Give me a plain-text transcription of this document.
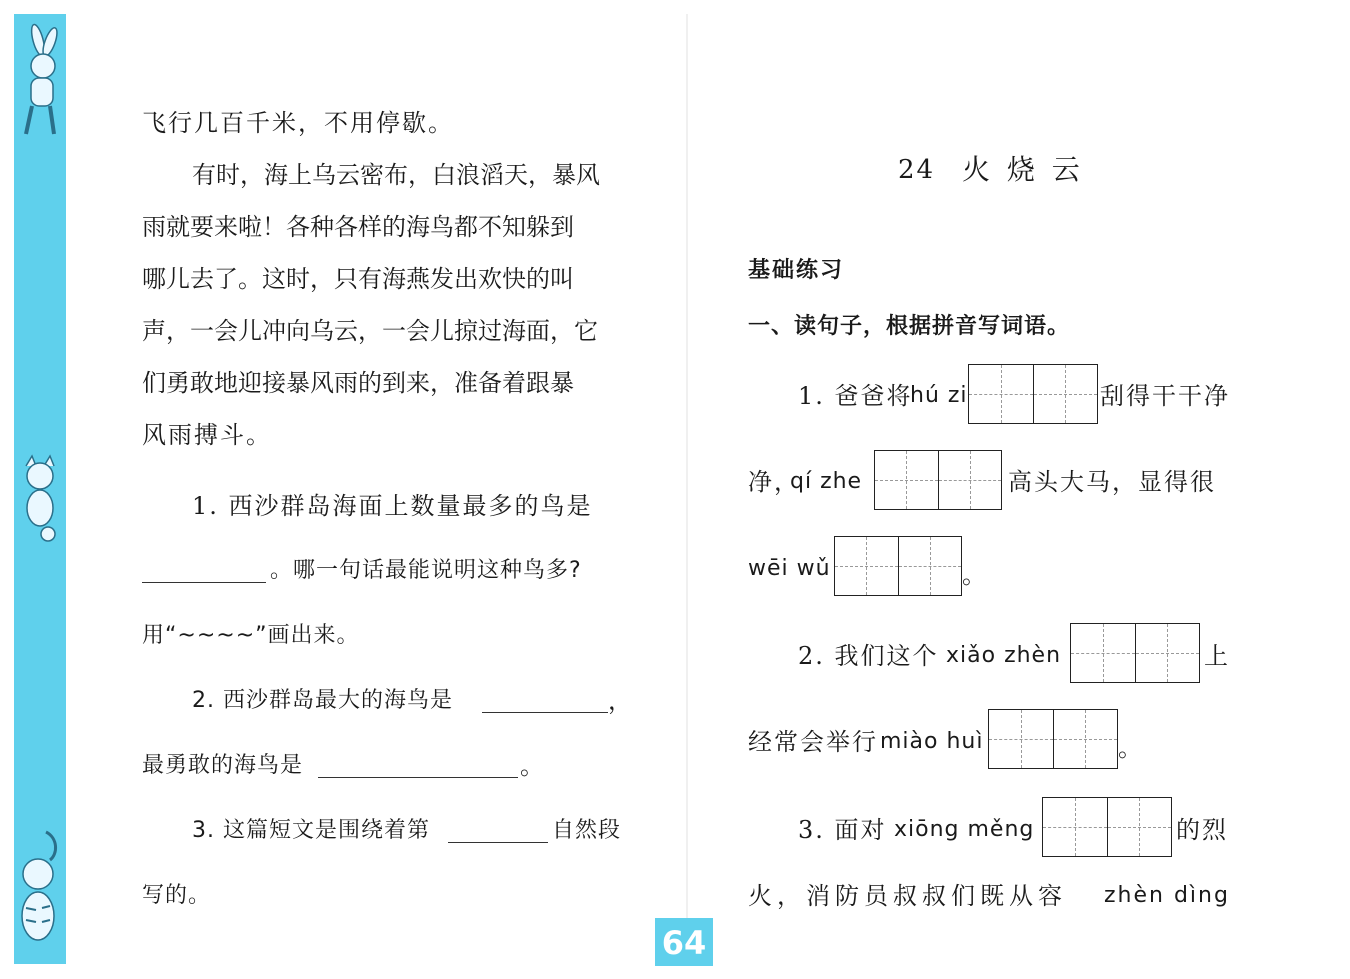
飞行几百千米，不用停歇。
有时，海上乌云密布，白浪滔天，暴风
雨就要来啦！各种各样的海鸟都不知躲到
哪儿去了。这时，只有海燕发出欢快的叫
声，一会儿冲向乌云，一会儿掠过海面，它
们勇敢地迎接暴风雨的到来，准备着跟暴
风雨搏斗。
1. 西沙群岛海面上数量最多的鸟是
。哪一句话最能说明这种鸟多?
用“~~~~”画出来。
2. 西沙群岛最大的海鸟是	，
最勇敢的海鸟是	。
3. 这篇短文是围绕着第	自然段
写的。
24 火 烧 云
基础练习
一、读句子，根据拼音写词语。
1. 爸爸将
hú zi	刮得干干净
净，
qí zhe	高头大马，显得很
wēi wǔ	。
2. 我们这个 xiǎo zhèn	上
经常会举行 miào huì	。
3. 面对 xiōng měng	的烈
火，消防员叔叔们既从容 zhèn dìng
64
